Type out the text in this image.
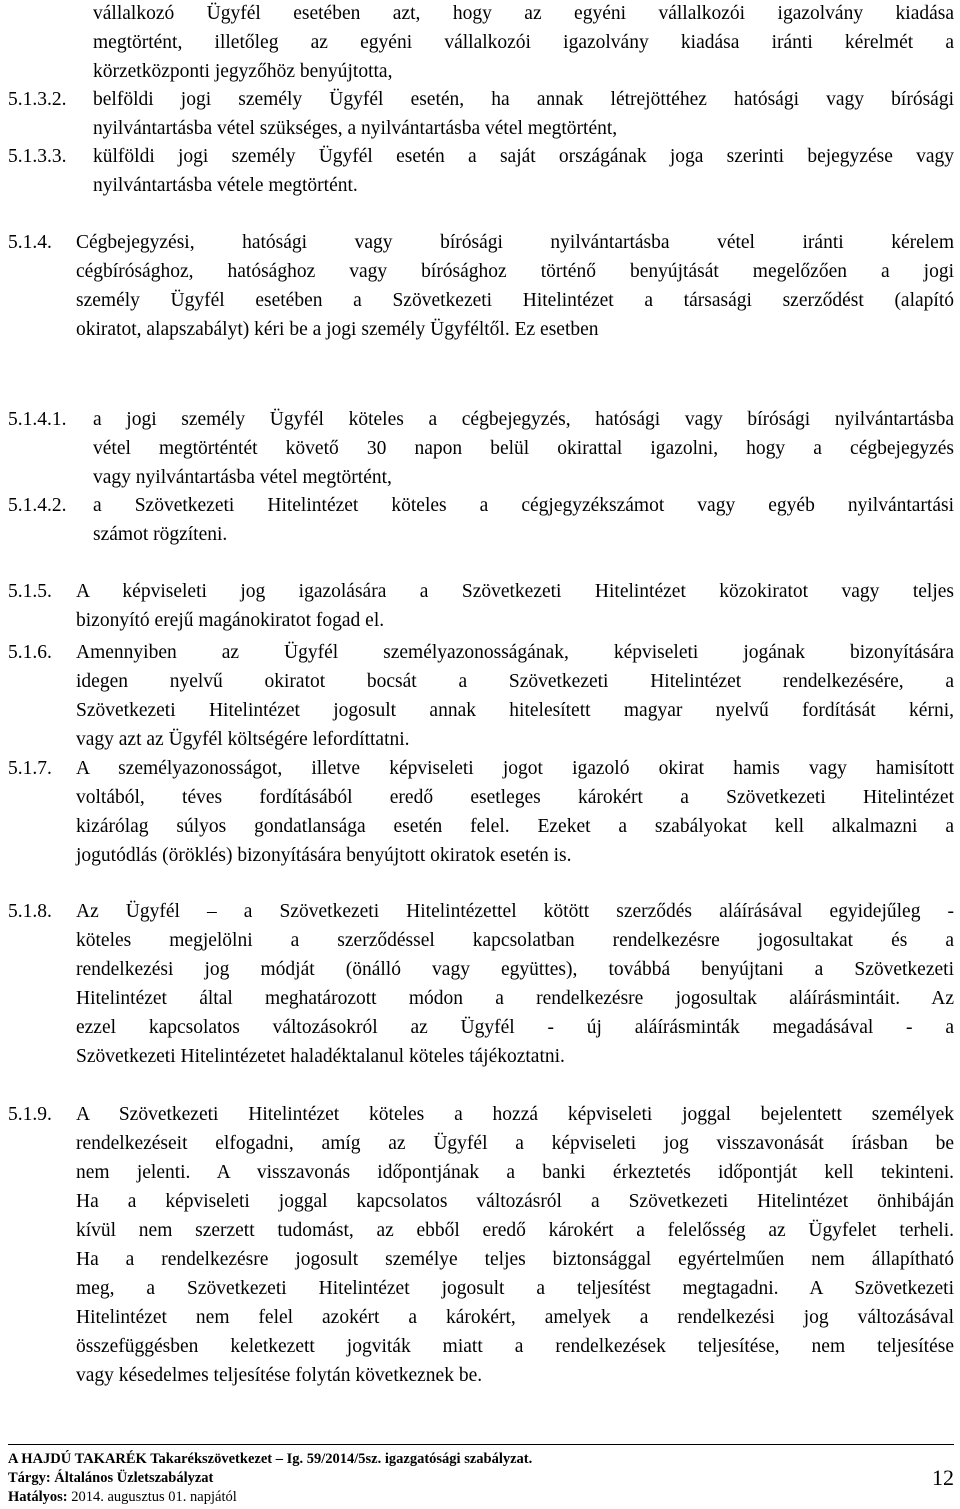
vállalkozó Ügyfél esetében azt, hogy az egyéni vállalkozói igazolvány kiadása
megtörtént, illetőleg az egyéni vállalkozói igazolvány kiadása iránti kérelmét a
körzetközponti jegyzőhöz benyújtotta,
5.1.3.2. belföldi jogi személy Ügyfél esetén, ha annak létrejöttéhez hatósági vagy bírósági
nyilvántartásba vétel szükséges, a nyilvántartásba vétel megtörtént,
5.1.3.3. külföldi jogi személy Ügyfél esetén a saját országának joga szerinti bejegyzése vagy
nyilvántartásba vétele megtörtént.
5.1.4. Cégbejegyzési, hatósági vagy bírósági nyilvántartásba vétel iránti kérelem
cégbírósághoz, hatósághoz vagy bírósághoz történő benyújtását megelőzően a jogi
személy Ügyfél esetében a Szövetkezeti Hitelintézet a társasági szerződést (alapító
okiratot, alapszabályt) kéri be a jogi személy Ügyféltől. Ez esetben
5.1.4.1. a jogi személy Ügyfél köteles a cégbejegyzés, hatósági vagy bírósági nyilvántartásba
vétel megtörténtét követő 30 napon belül okirattal igazolni, hogy a cégbejegyzés
vagy nyilvántartásba vétel megtörtént,
5.1.4.2. a Szövetkezeti Hitelintézet köteles a cégjegyzékszámot vagy egyéb nyilvántartási
számot rögzíteni.
5.1.5. A képviseleti jog igazolására a Szövetkezeti Hitelintézet közokiratot vagy teljes
bizonyító erejű magánokiratot fogad el.
5.1.6. Amennyiben az Ügyfél személyazonosságának, képviseleti jogának bizonyítására
idegen nyelvű okiratot bocsát a Szövetkezeti Hitelintézet rendelkezésére, a
Szövetkezeti Hitelintézet jogosult annak hitelesített magyar nyelvű fordítását kérni,
vagy azt az Ügyfél költségére lefordíttatni.
5.1.7. A személyazonosságot, illetve képviseleti jogot igazoló okirat hamis vagy hamisított
voltából, téves fordításából eredő esetleges károkért a Szövetkezeti Hitelintézet
kizárólag súlyos gondatlansága esetén felel. Ezeket a szabályokat kell alkalmazni a
jogutódlás (öröklés) bizonyítására benyújtott okiratok esetén is.
5.1.8. Az Ügyfél – a Szövetkezeti Hitelintézettel kötött szerződés aláírásával egyidejűleg -
köteles megjelölni a szerződéssel kapcsolatban rendelkezésre jogosultakat és a
rendelkezési jog módját (önálló vagy együttes), továbbá benyújtani a Szövetkezeti
Hitelintézet által meghatározott módon a rendelkezésre jogosultak aláírásmintáit. Az
ezzel kapcsolatos változásokról az Ügyfél - új aláírásminták megadásával - a
Szövetkezeti Hitelintézetet haladéktalanul köteles tájékoztatni.
5.1.9. A Szövetkezeti Hitelintézet köteles a hozzá képviseleti joggal bejelentett személyek
rendelkezéseit elfogadni, amíg az Ügyfél a képviseleti jog visszavonását írásban be
nem jelenti. A visszavonás időpontjának a banki érkeztetés időpontját kell tekinteni.
Ha a képviseleti joggal kapcsolatos változásról a Szövetkezeti Hitelintézet önhibáján
kívül nem szerzett tudomást, az ebből eredő károkért a felelősség az Ügyfelet terheli.
Ha a rendelkezésre jogosult személye teljes biztonsággal egyértelműen nem állapítható
meg, a Szövetkezeti Hitelintézet jogosult a teljesítést megtagadni. A Szövetkezeti
Hitelintézet nem felel azokért a károkért, amelyek a rendelkezési jog változásával
összefüggésben keletkezett jogviták miatt a rendelkezések teljesítése, nem teljesítése
vagy késedelmes teljesítése folytán következnek be.
A HAJDÚ TAKARÉK Takarékszövetkezet – Ig. 59/2014/5sz. igazgatósági szabályzat.
Tárgy: Általános Üzletszabályzat
Hatályos: 2014. augusztus 01. napjától
12
